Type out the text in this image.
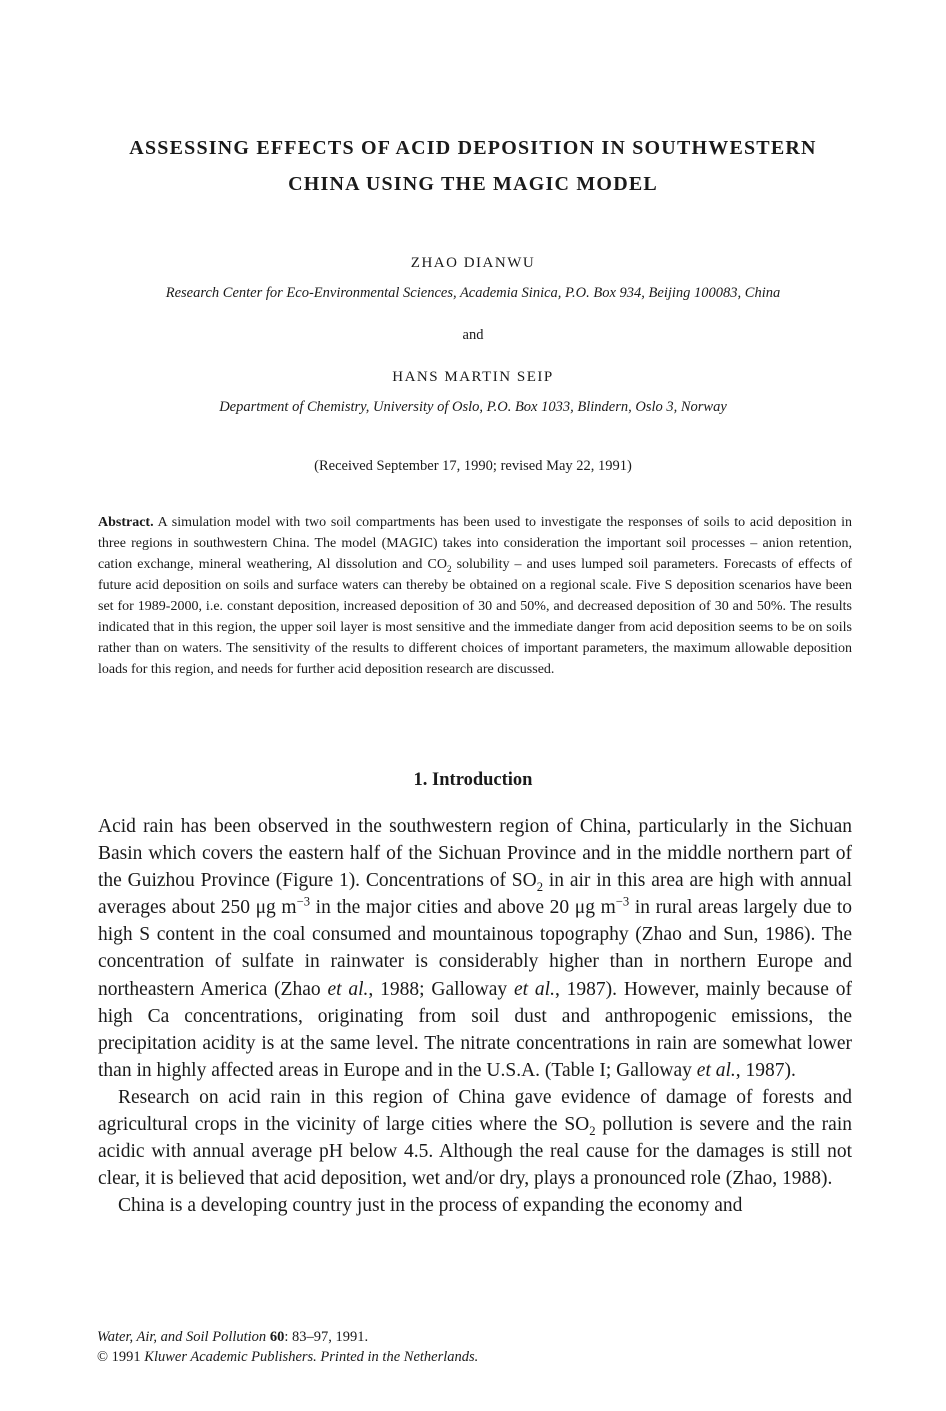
ASSESSING EFFECTS OF ACID DEPOSITION IN SOUTHWESTERN
CHINA USING THE MAGIC MODEL
ZHAO DIANWU
Research Center for Eco-Environmental Sciences, Academia Sinica, P.O. Box 934, Beijing 100083, China
and
HANS MARTIN SEIP
Department of Chemistry, University of Oslo, P.O. Box 1033, Blindern, Oslo 3, Norway
(Received September 17, 1990; revised May 22, 1991)
Abstract. A simulation model with two soil compartments has been used to investigate the responses of soils to acid deposition in three regions in southwestern China. The model (MAGIC) takes into consideration the important soil processes – anion retention, cation exchange, mineral weathering, Al dissolution and $CO_2$ solubility – and uses lumped soil parameters. Forecasts of effects of future acid deposition on soils and surface waters can thereby be obtained on a regional scale. Five S deposition scenarios have been set for 1989-2000, i.e. constant deposition, increased deposition of 30 and 50%, and decreased deposition of 30 and 50%. The results indicated that in this region, the upper soil layer is most sensitive and the immediate danger from acid deposition seems to be on soils rather than on waters. The sensitivity of the results to different choices of important parameters, the maximum allowable deposition loads for this region, and needs for further acid deposition research are discussed.
1. Introduction

Acid rain has been observed in the southwestern region of China, particularly in the Sichuan Basin which covers the eastern half of the Sichuan Province and in the middle northern part of the Guizhou Province (Figure 1). Concentrations of $SO_2$ in air in this area are high with annual averages about 250 μg $m^{-3}$ in the major cities and above 20 μg $m^{-3}$ in rural areas largely due to high S content in the coal consumed and mountainous topography (Zhao and Sun, 1986). The concentration of sulfate in rainwater is considerably higher than in northern Europe and northeastern America (Zhao et al., 1988; Galloway et al., 1987). However, mainly because of high Ca concentrations, originating from soil dust and anthropogenic emissions, the precipitation acidity is at the same level. The nitrate concentrations in rain are somewhat lower than in highly affected areas in Europe and in the U.S.A. (Table I; Galloway et al., 1987).

Research on acid rain in this region of China gave evidence of damage of forests and agricultural crops in the vicinity of large cities where the $SO_2$ pollution is severe and the rain acidic with annual average pH below 4.5. Although the real cause for the damages is still not clear, it is believed that acid deposition, wet and/or dry, plays a pronounced role (Zhao, 1988).

China is a developing country just in the process of expanding the economy and

Water, Air, and Soil Pollution 60: 83–97, 1991.
© 1991 Kluwer Academic Publishers. Printed in the Netherlands.
